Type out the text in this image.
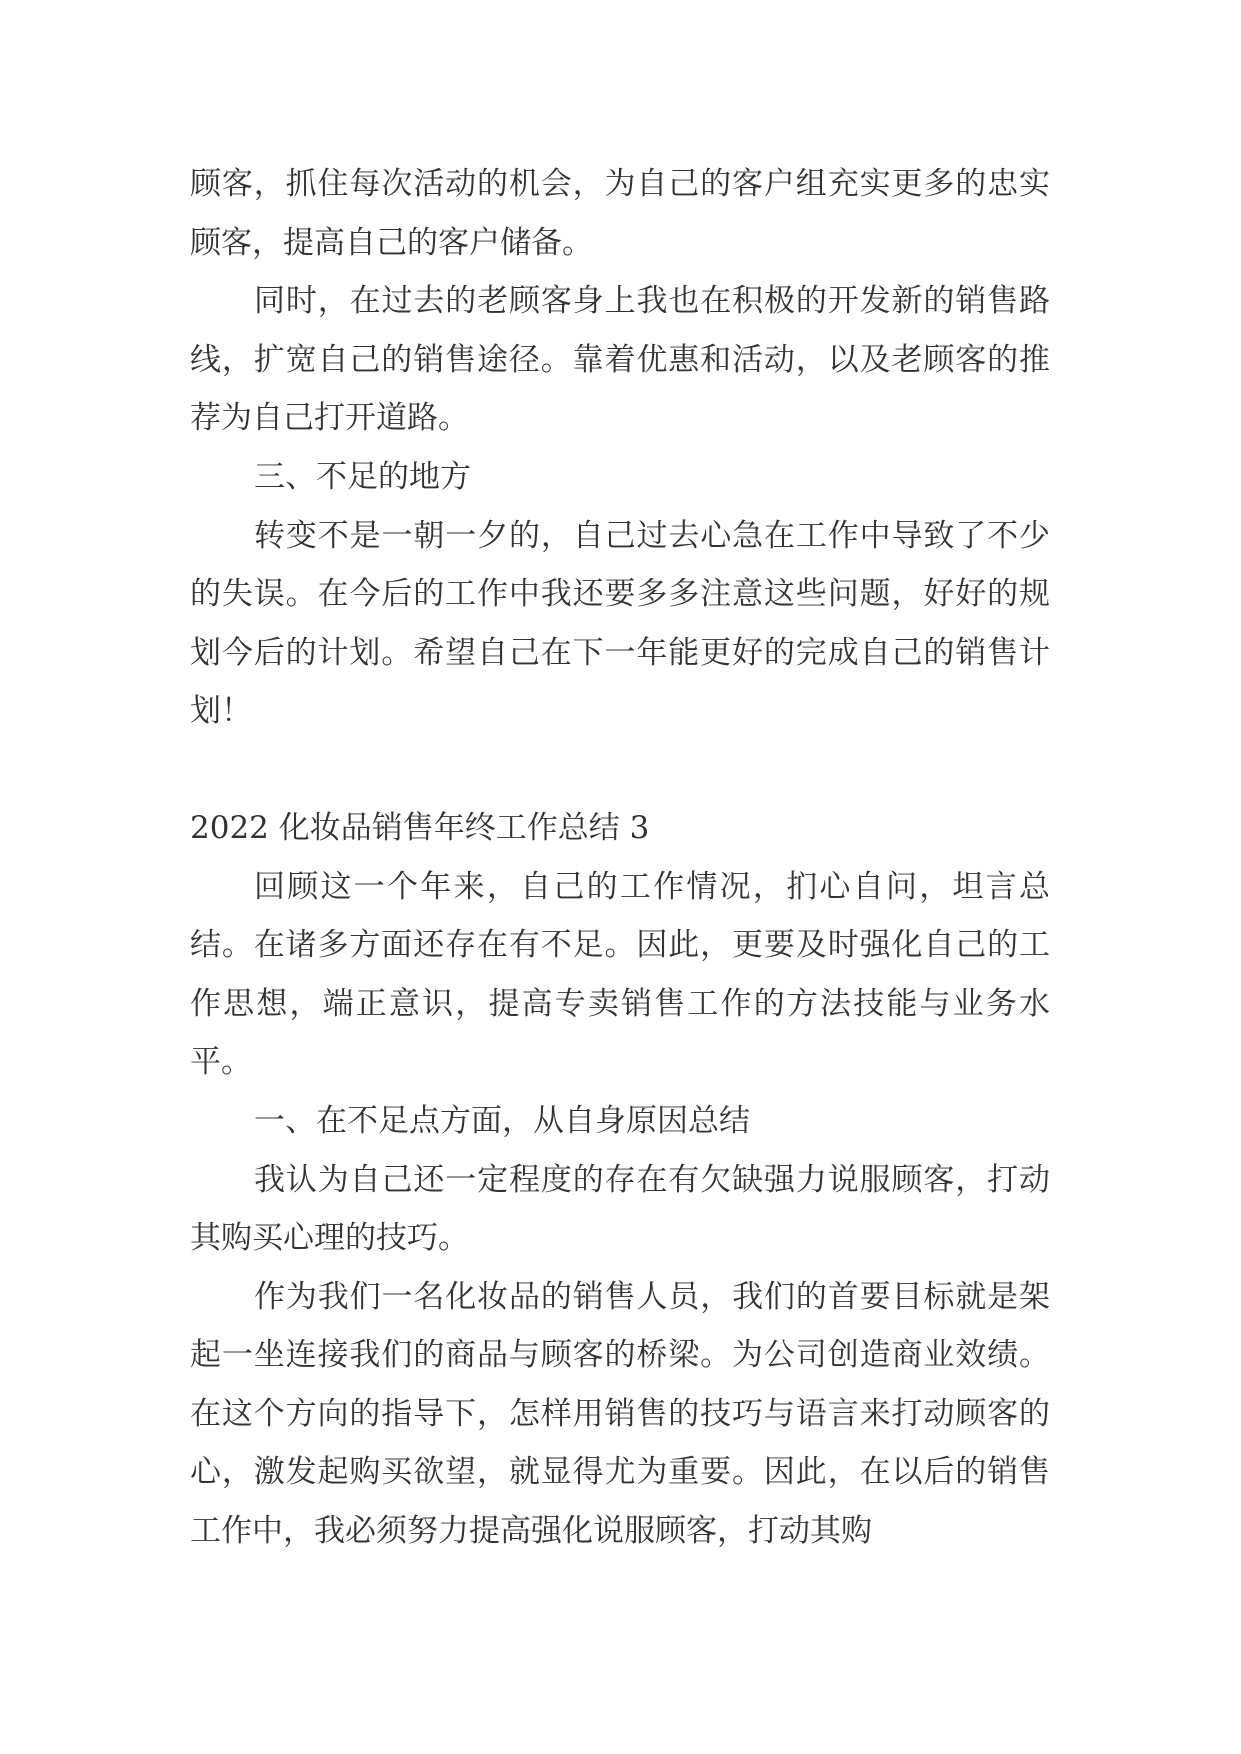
顾客，抓住每次活动的机会，为自己的客户组充实更多的忠实顾客，提高自己的客户储备。

同时，在过去的老顾客身上我也在积极的开发新的销售路线，扩宽自己的销售途径。靠着优惠和活动，以及老顾客的推荐为自己打开道路。

三、不足的地方

转变不是一朝一夕的，自己过去心急在工作中导致了不少的失误。在今后的工作中我还要多多注意这些问题，好好的规划今后的计划。希望自己在下一年能更好的完成自己的销售计划！

2022 化妆品销售年终工作总结 3

回顾这一个年来，自己的工作情况，扪心自问，坦言总结。在诸多方面还存在有不足。因此，更要及时强化自己的工作思想，端正意识，提高专卖销售工作的方法技能与业务水平。

一、在不足点方面，从自身原因总结

我认为自己还一定程度的存在有欠缺强力说服顾客，打动其购买心理的技巧。

作为我们一名化妆品的销售人员，我们的首要目标就是架起一坐连接我们的商品与顾客的桥梁。为公司创造商业效绩。在这个方向的指导下，怎样用销售的技巧与语言来打动顾客的心，激发起购买欲望，就显得尤为重要。因此，在以后的销售工作中，我必须努力提高强化说服顾客，打动其购
